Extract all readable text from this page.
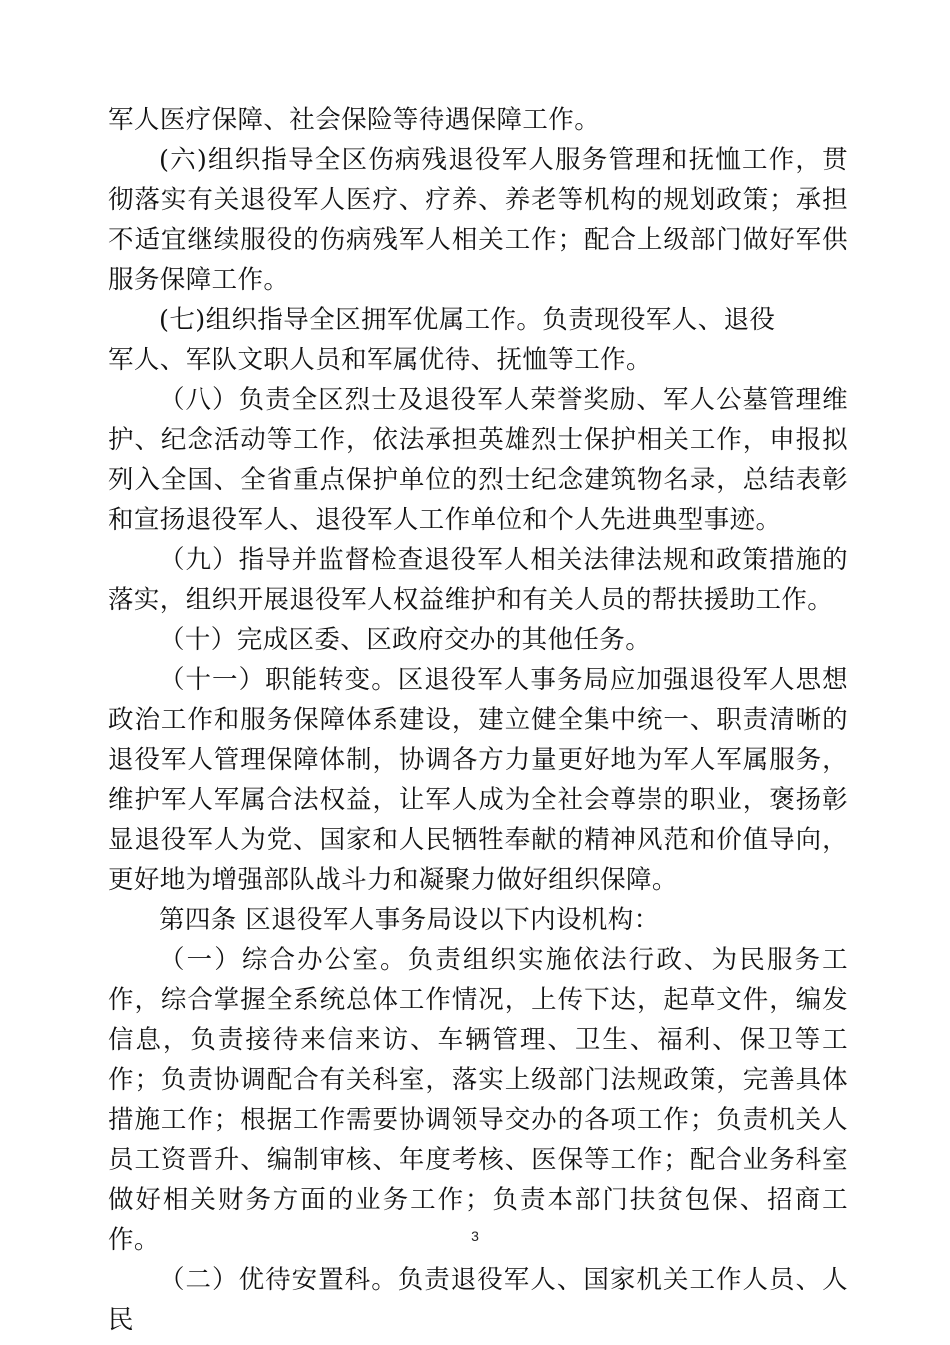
军人医疗保障、社会保险等待遇保障工作。

(六)组织指导全区伤病残退役军人服务管理和抚恤工作，贯彻落实有关退役军人医疗、疗养、养老等机构的规划政策；承担不适宜继续服役的伤病残军人相关工作；配合上级部门做好军供服务保障工作。

(七)组织指导全区拥军优属工作。负责现役军人、退役

军人、军队文职人员和军属优待、抚恤等工作。

（八）负责全区烈士及退役军人荣誉奖励、军人公墓管理维护、纪念活动等工作，依法承担英雄烈士保护相关工作，申报拟列入全国、全省重点保护单位的烈士纪念建筑物名录，总结表彰和宣扬退役军人、退役军人工作单位和个人先进典型事迹。

（九）指导并监督检查退役军人相关法律法规和政策措施的落实，组织开展退役军人权益维护和有关人员的帮扶援助工作。

（十）完成区委、区政府交办的其他任务。

（十一）职能转变。区退役军人事务局应加强退役军人思想政治工作和服务保障体系建设，建立健全集中统一、职责清晰的退役军人管理保障体制，协调各方力量更好地为军人军属服务，维护军人军属合法权益，让军人成为全社会尊崇的职业，褒扬彰显退役军人为党、国家和人民牺牲奉献的精神风范和价值导向，更好地为增强部队战斗力和凝聚力做好组织保障。

第四条 区退役军人事务局设以下内设机构：

（一）综合办公室。负责组织实施依法行政、为民服务工作，综合掌握全系统总体工作情况，上传下达，起草文件，编发信息，负责接待来信来访、车辆管理、卫生、福利、保卫等工作；负责协调配合有关科室，落实上级部门法规政策，完善具体措施工作；根据工作需要协调领导交办的各项工作；负责机关人员工资晋升、编制审核、年度考核、医保等工作；配合业务科室做好相关财务方面的业务工作；负责本部门扶贫包保、招商工作。

（二）优待安置科。负责退役军人、国家机关工作人员、人民

3
